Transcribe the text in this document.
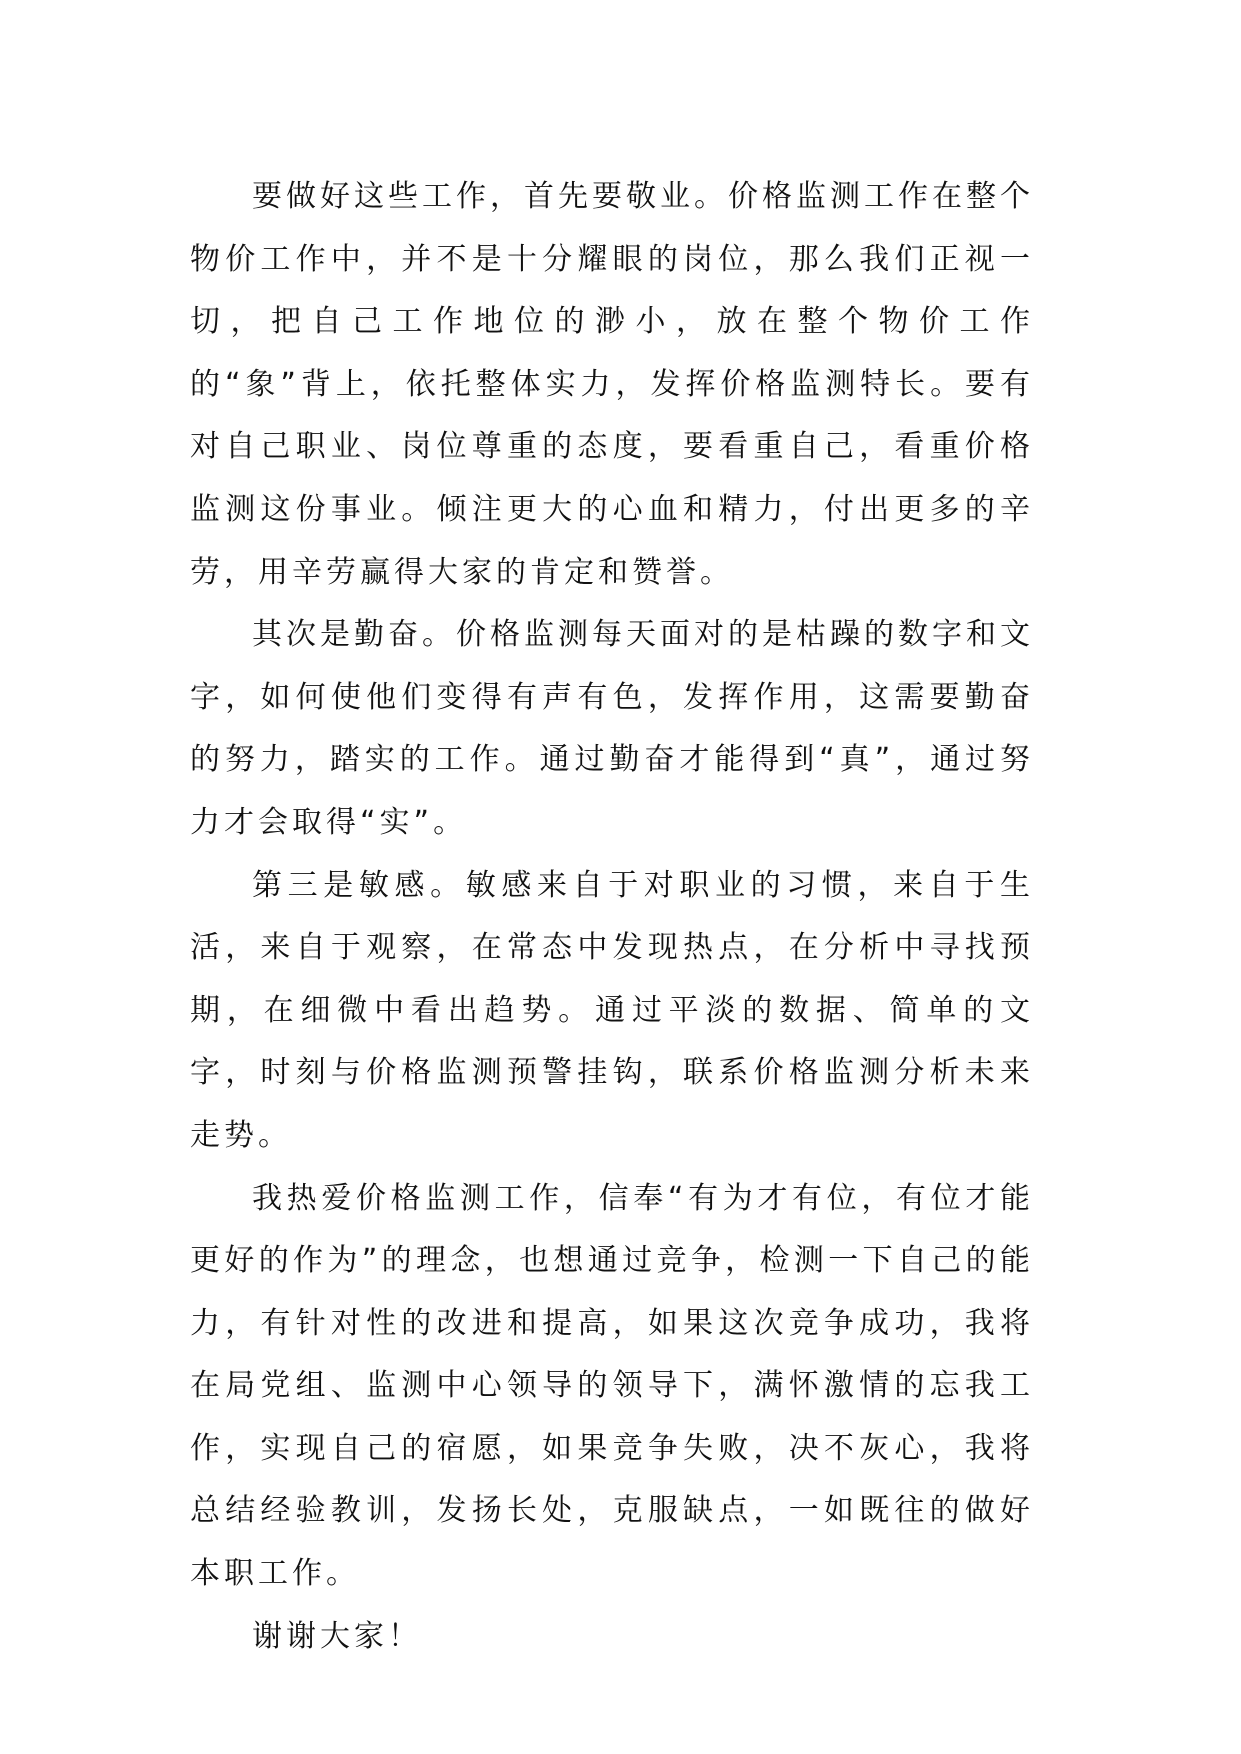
要做好这些工作，首先要敬业。价格监测工作在整个物价工作中，并不是十分耀眼的岗位，那么我们正视一切，把自己工作地位的渺小，放在整个物价工作的“象”背上，依托整体实力，发挥价格监测特长。要有对自己职业、岗位尊重的态度，要看重自己，看重价格监测这份事业。倾注更大的心血和精力，付出更多的辛劳，用辛劳赢得大家的肯定和赞誉。

其次是勤奋。价格监测每天面对的是枯躁的数字和文字，如何使他们变得有声有色，发挥作用，这需要勤奋的努力，踏实的工作。通过勤奋才能得到“真”，通过努力才会取得“实”。

第三是敏感。敏感来自于对职业的习惯，来自于生活，来自于观察，在常态中发现热点，在分析中寻找预期，在细微中看出趋势。通过平淡的数据、简单的文字，时刻与价格监测预警挂钩，联系价格监测分析未来走势。

我热爱价格监测工作，信奉“有为才有位，有位才能更好的作为”的理念，也想通过竞争，检测一下自己的能力，有针对性的改进和提高，如果这次竞争成功，我将在局党组、监测中心领导的领导下，满怀激情的忘我工作，实现自己的宿愿，如果竞争失败，决不灰心，我将总结经验教训，发扬长处，克服缺点，一如既往的做好本职工作。

谢谢大家！
